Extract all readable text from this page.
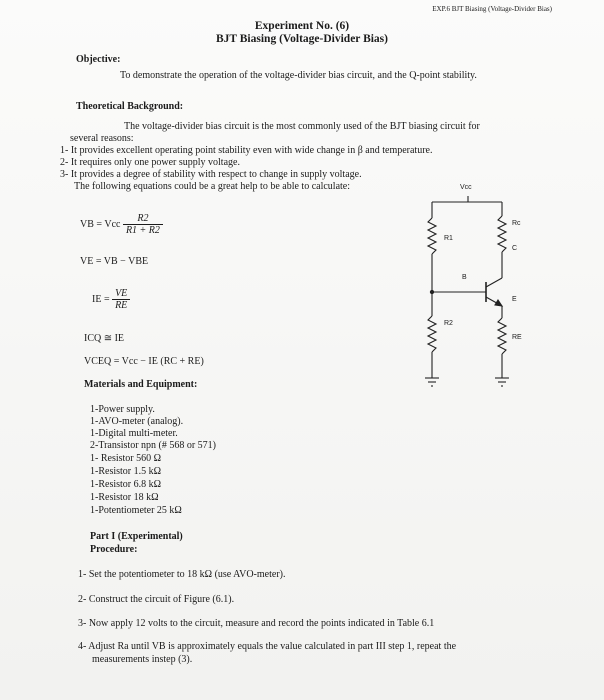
EXP.6 BJT Biasing (Voltage-Divider Bias)
Experiment No. (6)
BJT Biasing (Voltage-Divider Bias)
Objective:
To demonstrate the operation of the voltage-divider bias circuit, and the Q-point stability.
Theoretical Background:
The voltage-divider bias circuit is the most commonly used of the BJT biasing circuit for
several reasons:
1- It provides excellent operating point stability even with wide change in β and temperature.
2- It requires only one power supply voltage.
3- It provides a degree of stability with respect to change in supply voltage.
The following equations could be a great help to be able to calculate:
VB = Vcc $\frac{R2}{R1 + R2}$
VE = VB − VBE
IE = $\frac{VE}{RE}$
ICQ ≅ IE
VCEQ = Vcc − IE (RC + RE)
Vcc
R1
R2
Rc
RE
B
C
E
Materials and Equipment:
1-Power supply.
1-AVO-meter (analog).
1-Digital multi-meter.
2-Transistor npn (# 568 or 571)
1- Resistor 560 Ω
1-Resistor 1.5 kΩ
1-Resistor 6.8 kΩ
1-Resistor 18 kΩ
1-Potentiometer 25 kΩ
Part I (Experimental)
Procedure:
1- Set the potentiometer to 18 kΩ (use AVO-meter).
2- Construct the circuit of Figure (6.1).
3- Now apply 12 volts to the circuit, measure and record the points indicated in Table 6.1
4- Adjust Ra until VB is approximately equals the value calculated in part III step 1, repeat the
measurements instep (3).
